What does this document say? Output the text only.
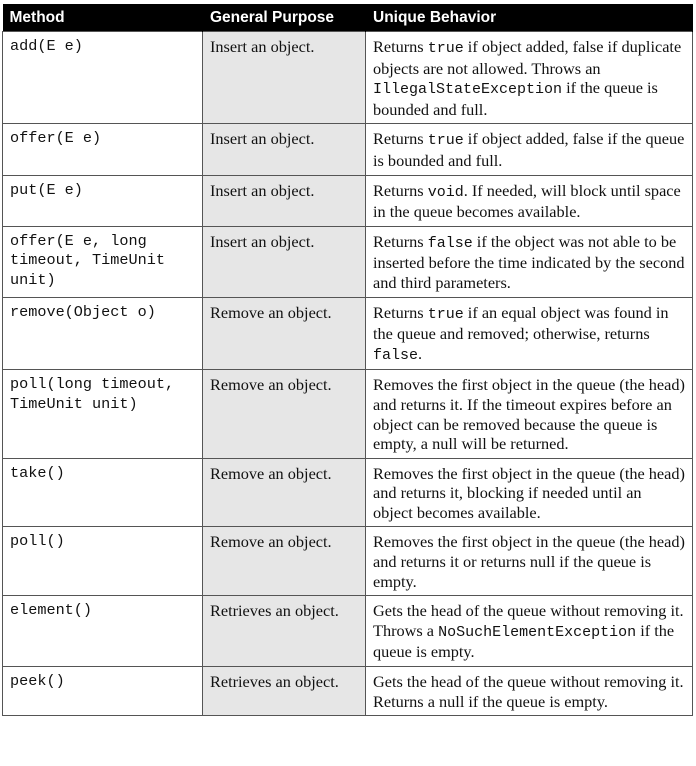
Method	General Purpose	Unique Behavior
add(E e)	Insert an object.	Returns true if object added, false if duplicate objects are not allowed. Throws an IllegalStateException if the queue is bounded and full.
offer(E e)	Insert an object.	Returns true if object added, false if the queue is bounded and full.
put(E e)	Insert an object.	Returns void. If needed, will block until space in the queue becomes available.
offer(E e, long timeout, TimeUnit unit)	Insert an object.	Returns false if the object was not able to be inserted before the time indicated by the second and third parameters.
remove(Object o)	Remove an object.	Returns true if an equal object was found in the queue and removed; otherwise, returns false.
poll(long timeout, TimeUnit unit)	Remove an object.	Removes the first object in the queue (the head) and returns it. If the timeout expires before an object can be removed because the queue is empty, a null will be returned.
take()	Remove an object.	Removes the first object in the queue (the head) and returns it, blocking if needed until an object becomes available.
poll()	Remove an object.	Removes the first object in the queue (the head) and returns it or returns null if the queue is empty.
element()	Retrieves an object.	Gets the head of the queue without removing it. Throws a NoSuchElementException if the queue is empty.
peek()	Retrieves an object.	Gets the head of the queue without removing it. Returns a null if the queue is empty.
